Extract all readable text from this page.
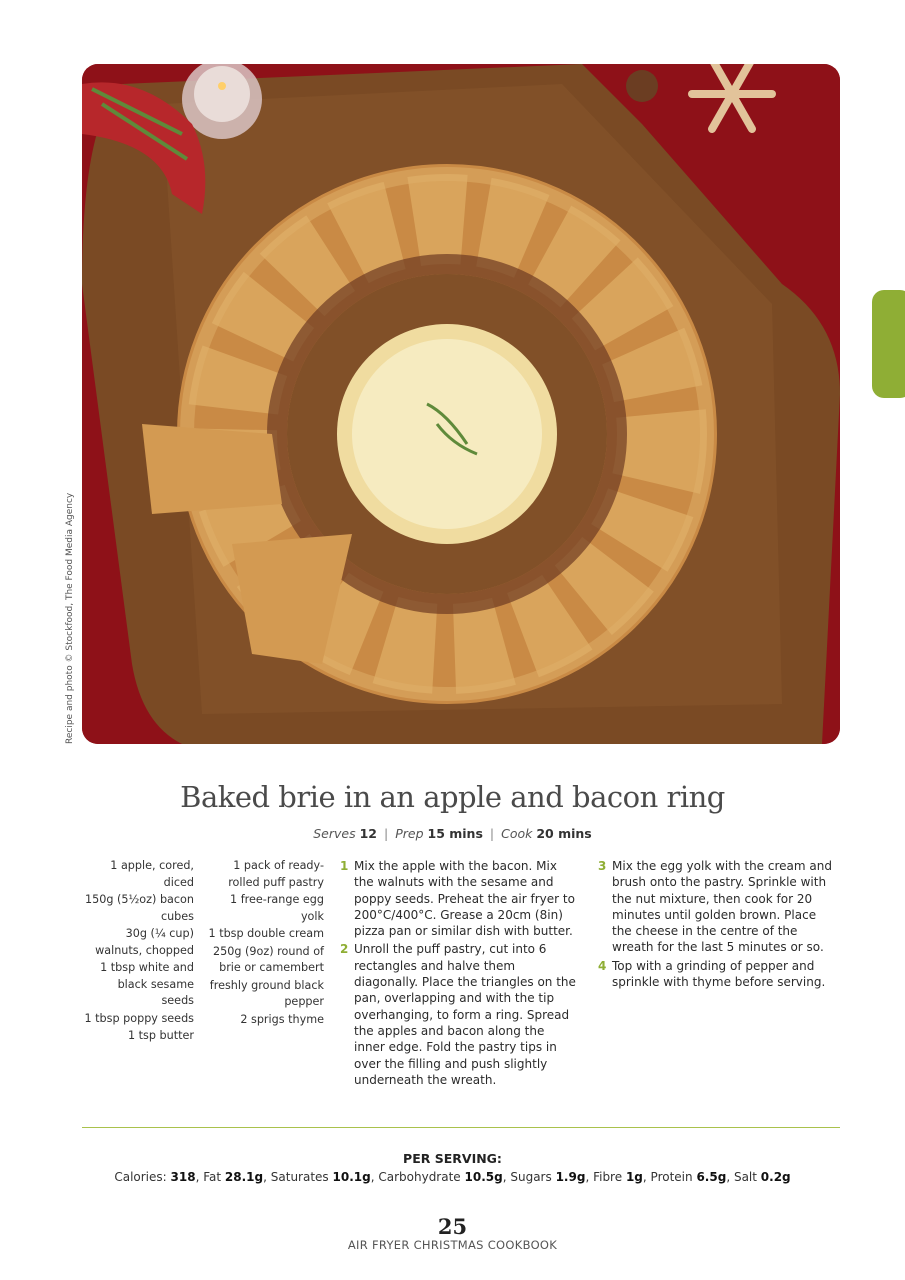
Recipe and photo © Stockfood, The Food Media Agency
Baked brie in an apple and bacon ring
Serves 12 | Prep 15 mins | Cook 20 mins
1 apple, cored, diced
150g (5½oz) bacon cubes
30g (¼ cup) walnuts, chopped
1 tbsp white and black sesame seeds
1 tbsp poppy seeds
1 tsp butter
1 pack of ready-rolled puff pastry
1 free-range egg yolk
1 tbsp double cream
250g (9oz) round of brie or camembert
freshly ground black pepper
2 sprigs thyme
1 Mix the apple with the bacon. Mix the walnuts with the sesame and poppy seeds. Preheat the air fryer to 200°C/400°C. Grease a 20cm (8in) pizza pan or similar dish with butter.
2 Unroll the puff pastry, cut into 6 rectangles and halve them diagonally. Place the triangles on the pan, overlapping and with the tip overhanging, to form a ring. Spread the apples and bacon along the inner edge. Fold the pastry tips in over the filling and push slightly underneath the wreath.
3 Mix the egg yolk with the cream and brush onto the pastry. Sprinkle with the nut mixture, then cook for 20 minutes until golden brown. Place the cheese in the centre of the wreath for the last 5 minutes or so.
4 Top with a grinding of pepper and sprinkle with thyme before serving.
PER SERVING:
Calories: 318, Fat 28.1g, Saturates 10.1g, Carbohydrate 10.5g, Sugars 1.9g, Fibre 1g, Protein 6.5g, Salt 0.2g
25
AIR FRYER CHRISTMAS COOKBOOK
